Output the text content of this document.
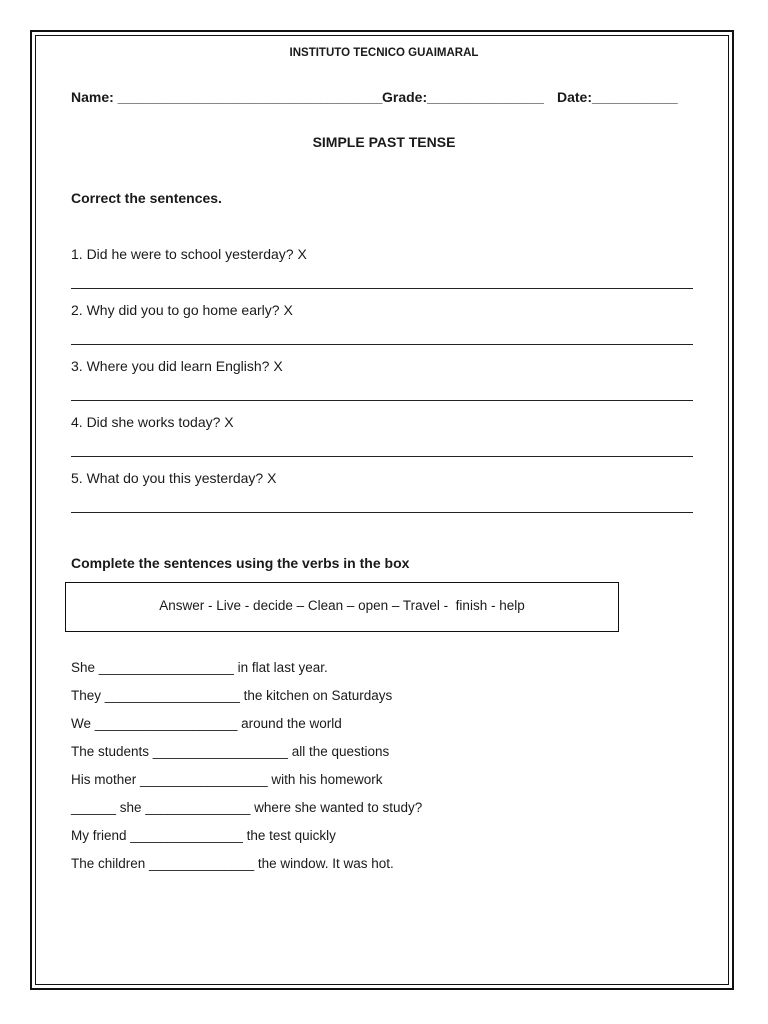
INSTITUTO TECNICO GUAIMARAL
Name: __________________________________ Grade:_______________ Date:___________
SIMPLE PAST TENSE
Correct the sentences.
1. Did he were to school yesterday? X
2. Why did you to go home early? X
3. Where you did learn English? X
4. Did she works today? X
5. What do you this yesterday? X
Complete the sentences using the verbs in the box
Answer - Live - decide – Clean – open – Travel -  finish - help
She __________________ in flat last year.
They __________________ the kitchen on Saturdays
We ___________________ around the world
The students __________________ all the questions
His mother _________________ with his homework
______ she ______________ where she wanted to study?
My friend _______________ the test quickly
The children ______________ the window. It was hot.
